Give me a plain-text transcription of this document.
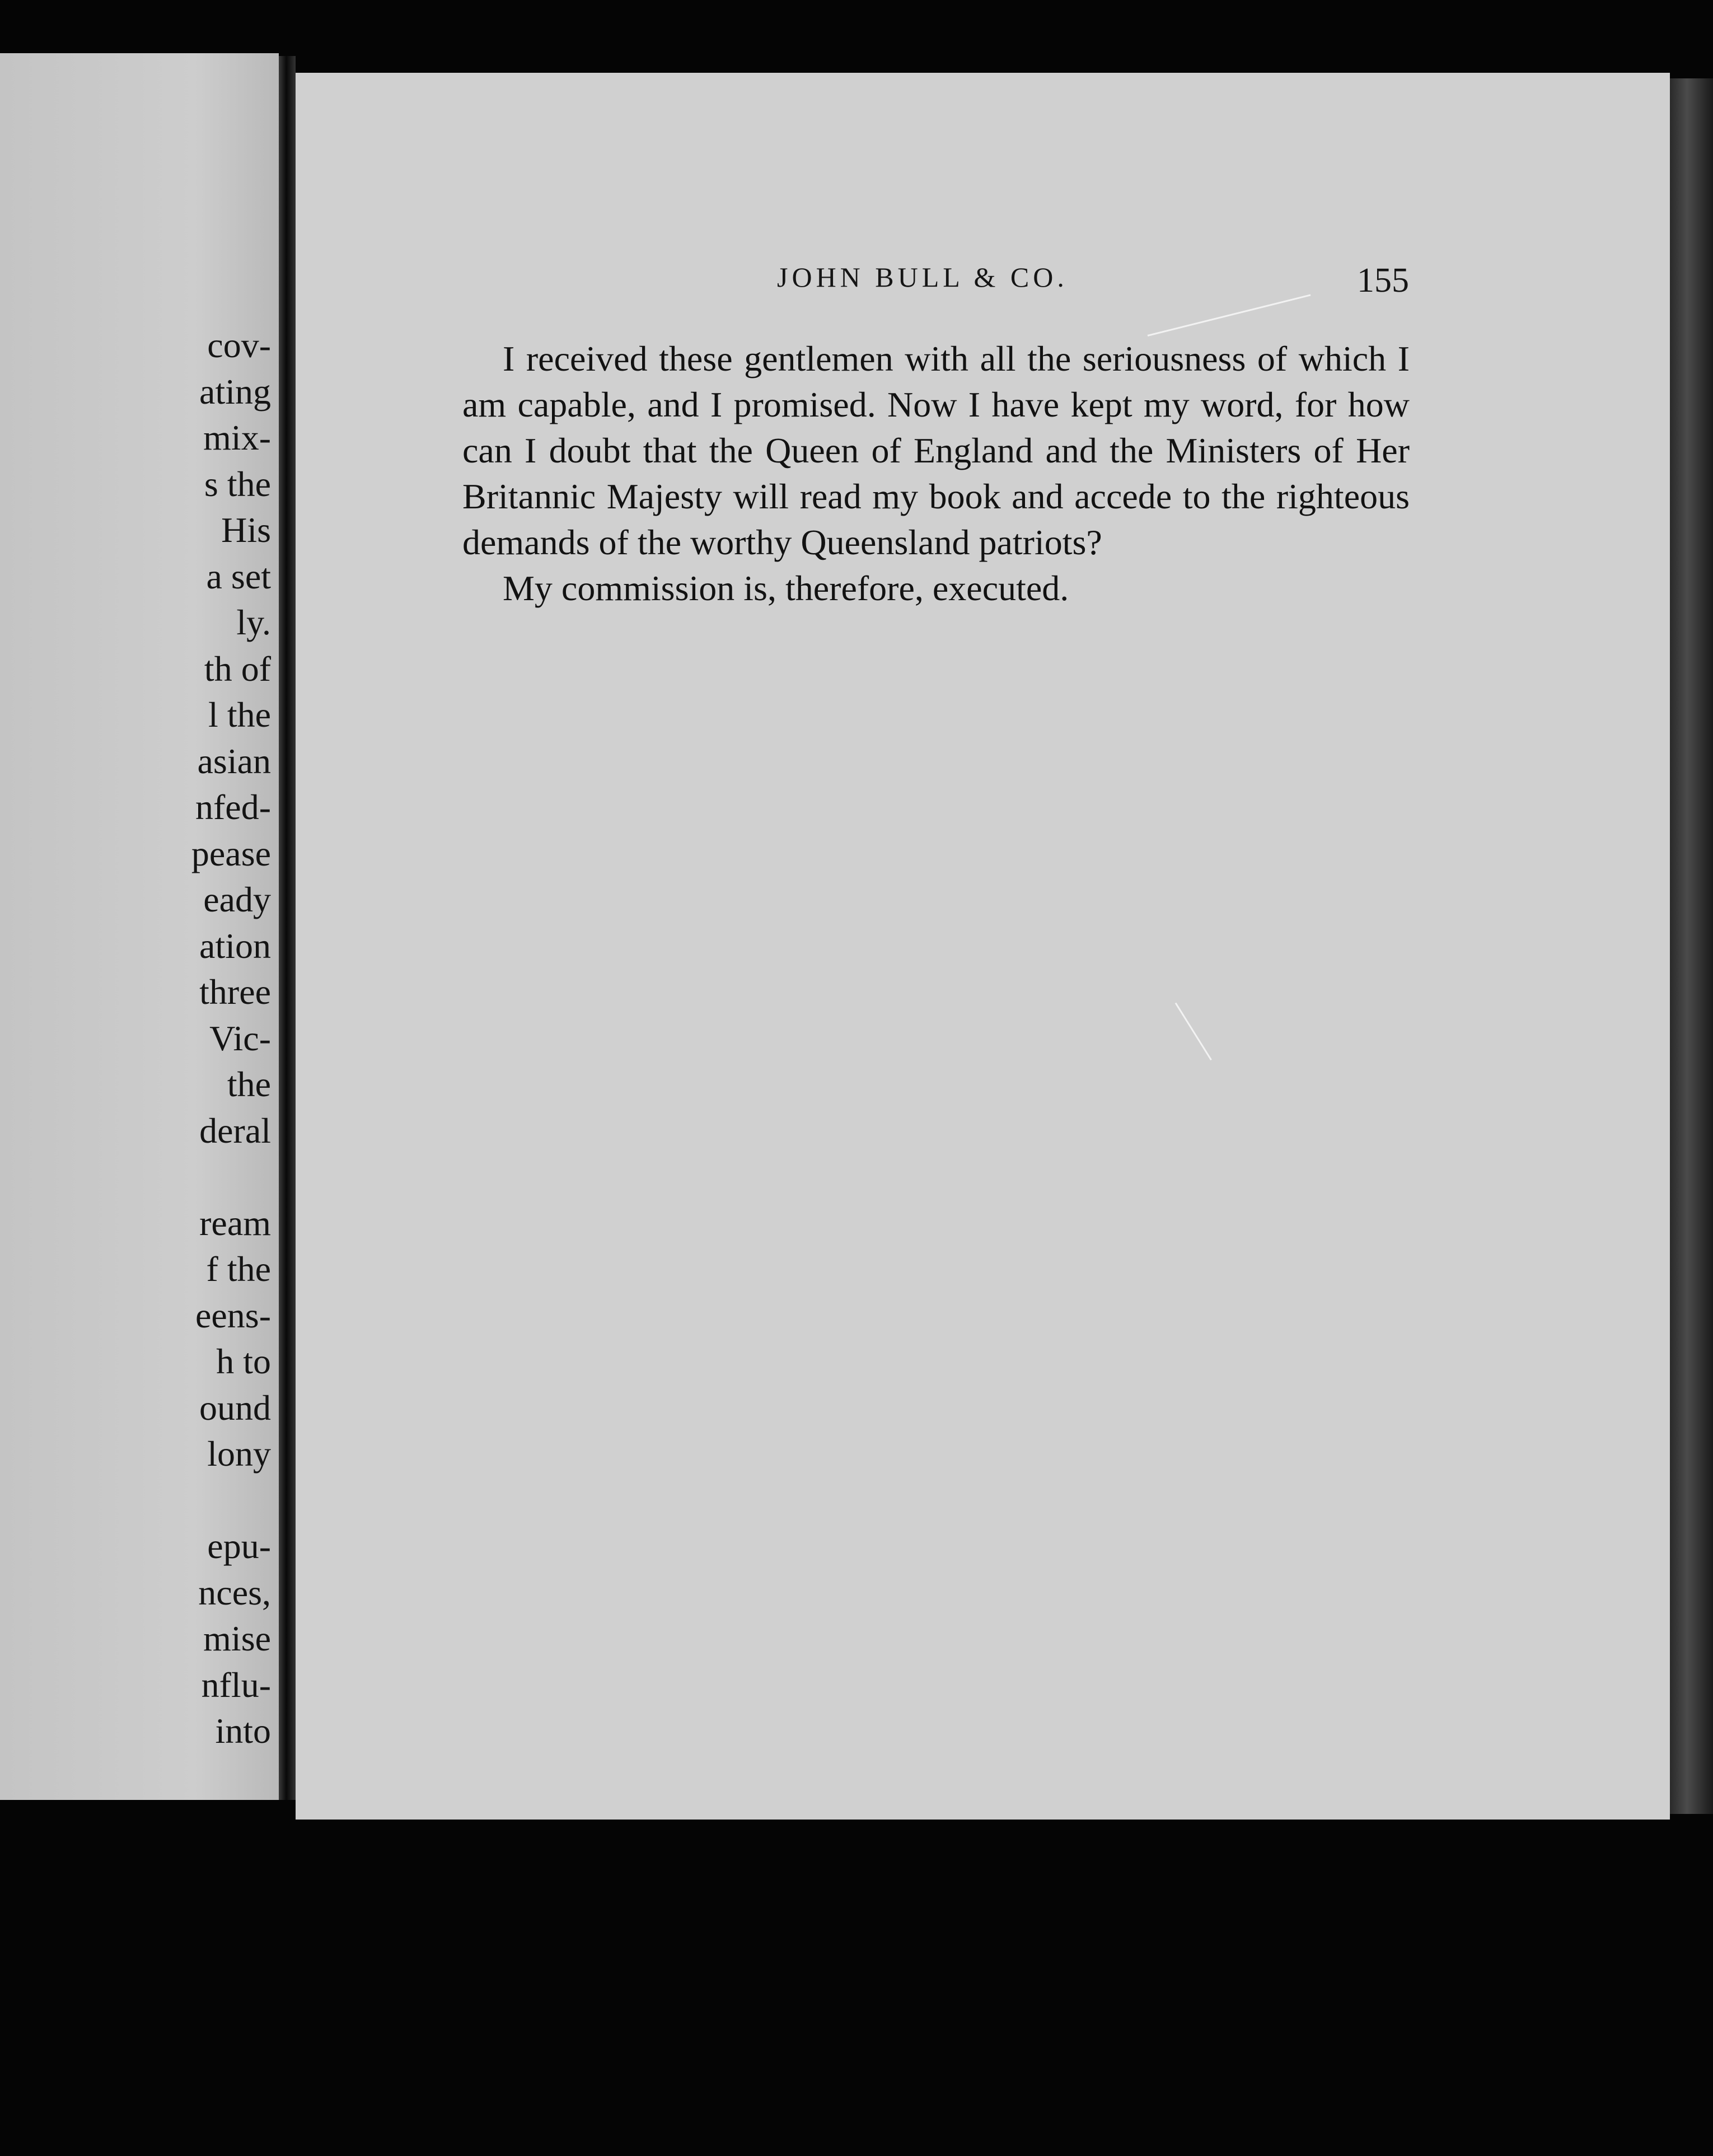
cov-
ating
mix-
s the
His
a set
ly.
th of
l the
asian
nfed-
pease
eady
ation
three
Vic-
the
deral
ream
f the
eens-
h to
ound
lony
epu-
nces,
mise
nflu-
into
JOHN BULL & CO.	155

I received these gentlemen with all the seriousness of which I am capable, and I promised. Now I have kept my word, for how can I doubt that the Queen of England and the Ministers of Her Britannic Majesty will read my book and accede to the righteous demands of the worthy Queensland patriots?

My commission is, therefore, executed.
